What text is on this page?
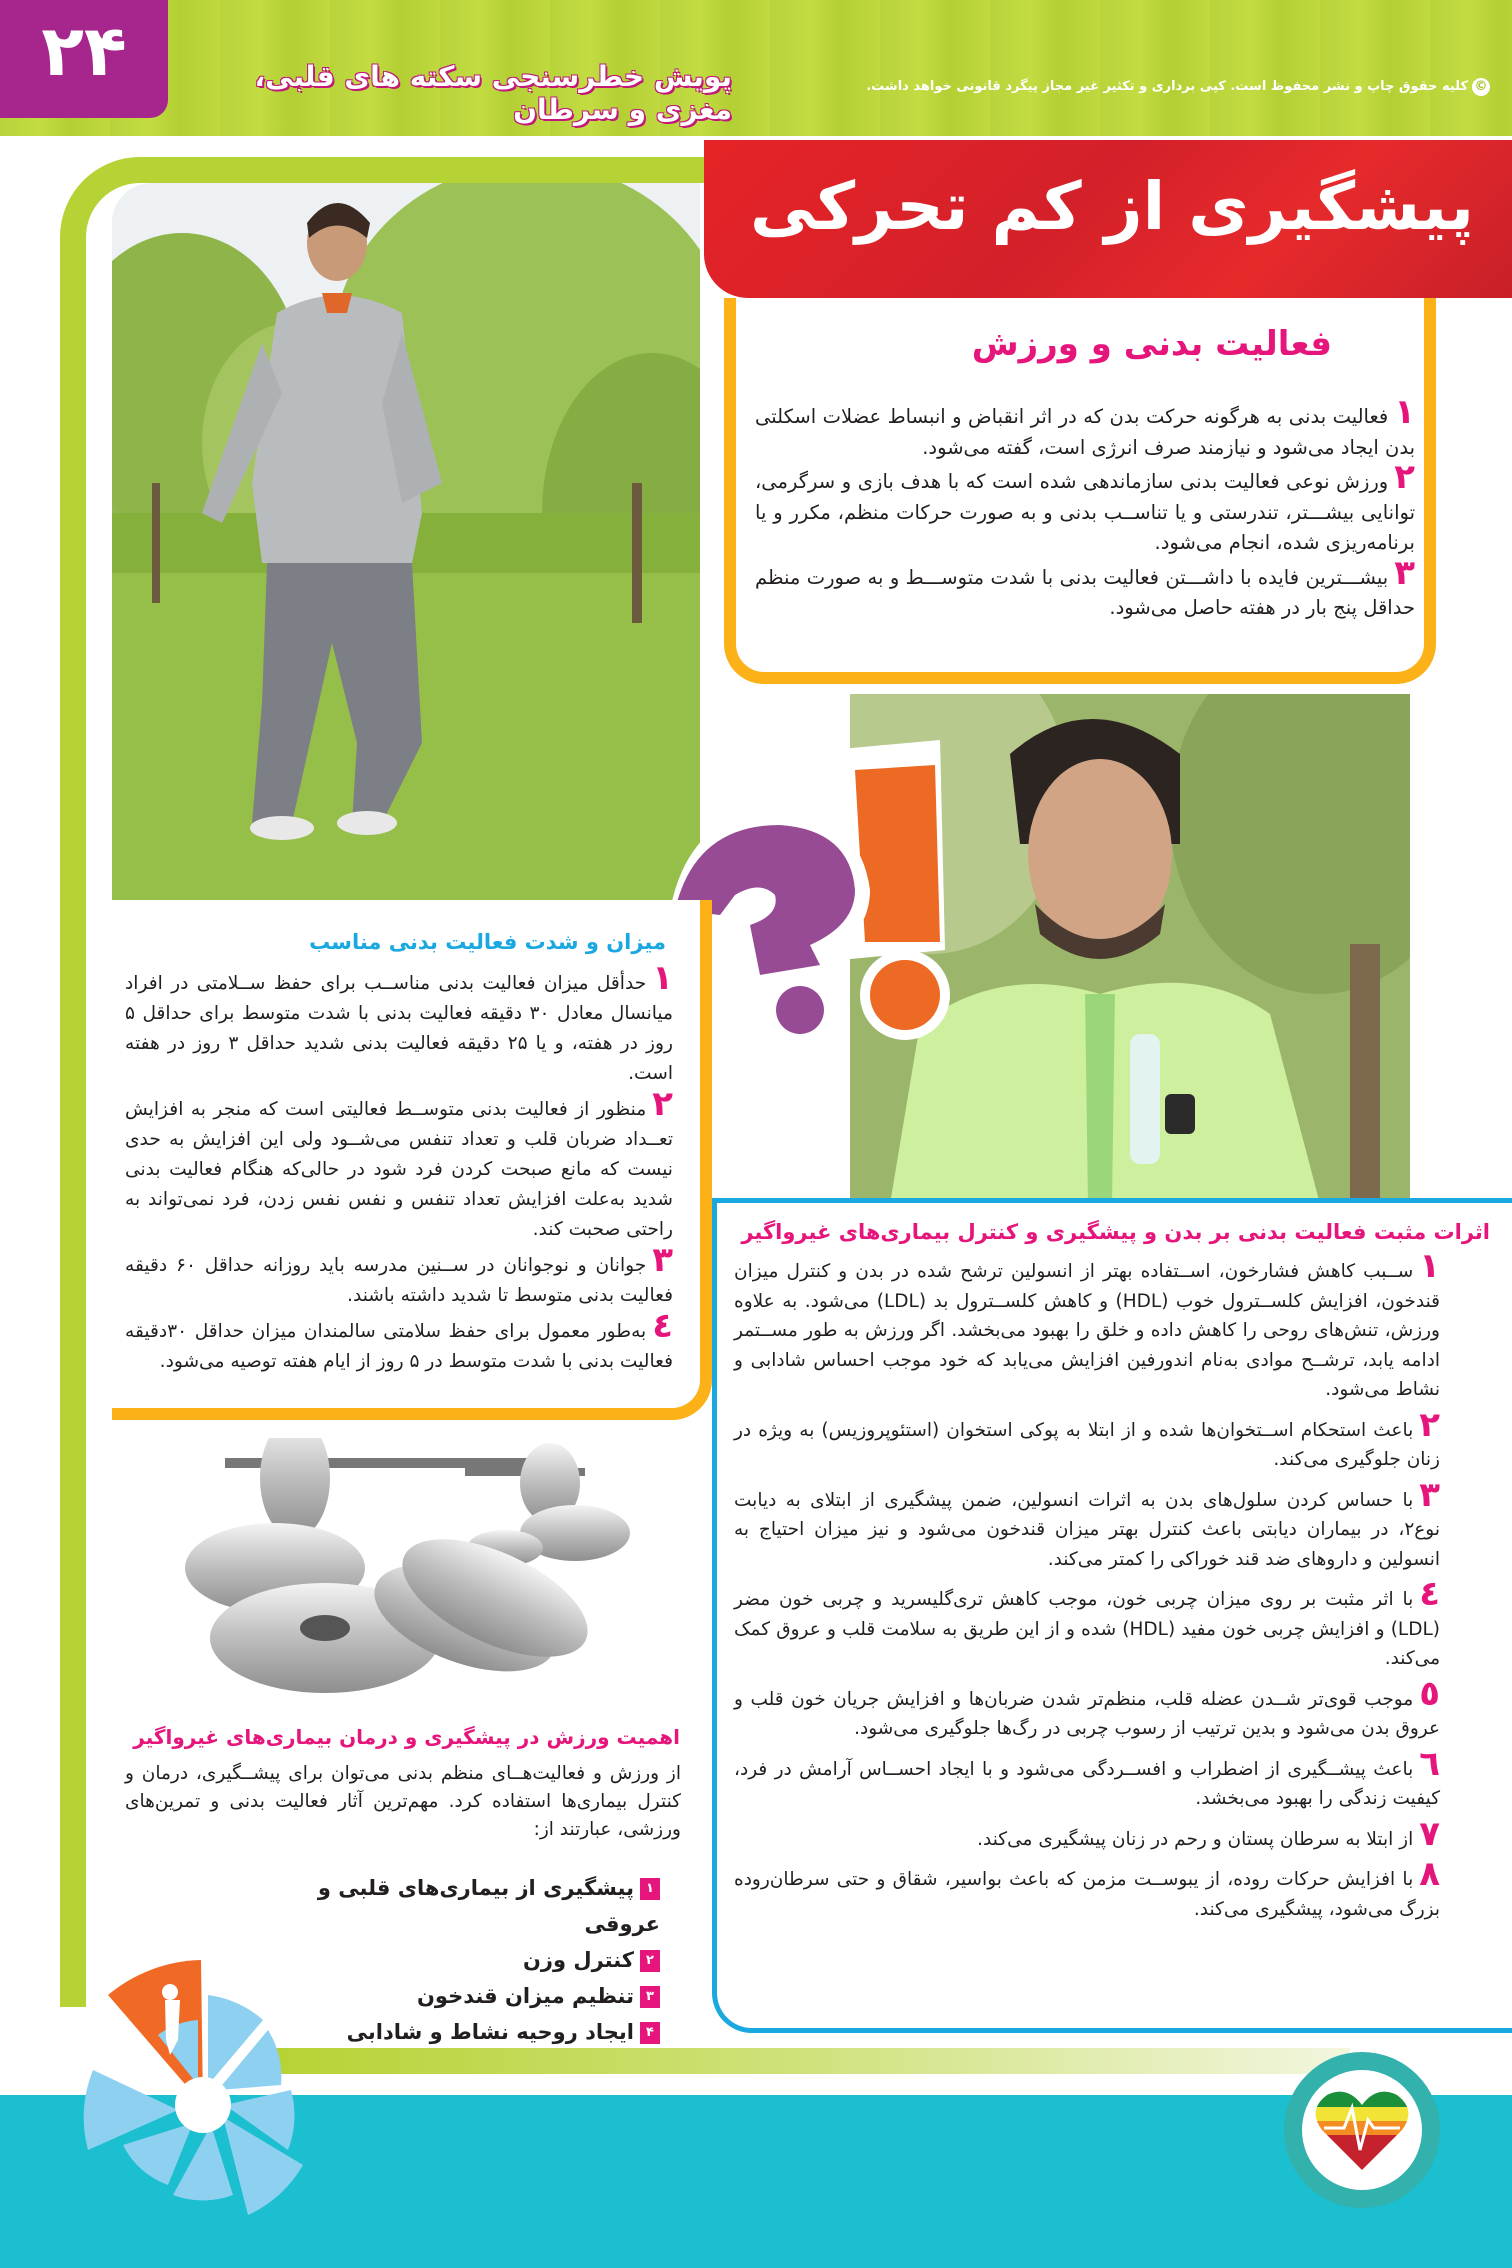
۲۴	پویش خطرسنجی سکته های قلبی، مغزی و سرطان
©کلیه حقوق چاپ و نشر محفوظ است. کپی برداری و تکثیر غیر مجاز پیگرد قانونی خواهد داشت.
پیشگیری از کم تحرکی
فعالیت بدنی و ورزش
۱فعالیت بدنی به هرگونه حرکت بدن که در اثر انقباض و انبساط عضلات اسکلتی بدن ایجاد می‌شود و نیازمند صرف انرژی است، گفته می‌شود.
۲ورزش نوعی فعالیت بدنی سازماندهی شده است که با هدف بازی و سرگرمی، توانایی بیشـــتر، تندرستی و یا تناســب بدنی و به صورت حرکات منظم، مکرر و یا برنامه‌ریزی شده، انجام می‌شود.
۳بیشـــترین فایده با داشـــتن فعالیت بدنی با شدت متوســـط و به صورت منظم حداقل پنج بار در هفته حاصل می‌شود.
میزان و شدت فعالیت بدنی مناسب

۱حدأقل میزان فعالیت بدنی مناســب برای حفظ ســلامتی در افراد میانسال معادل ۳۰ دقیقه فعالیت بدنی با شدت متوسط برای حداقل ۵ روز در هفته، و یا ۲۵ دقیقه فعالیت بدنی شدید حداقل ۳ روز در هفته است.

۲منظور از فعالیت بدنی متوســط فعالیتی است که منجر به افزایش تعــداد ضربان قلب و تعداد تنفس می‌شــود ولی این افزایش به حدی نیست که مانع صبحت کردن فرد شود در حالی‌که هنگام فعالیت بدنی شدید به‌علت افزایش تعداد تنفس و نفس نفس زدن، فرد نمی‌تواند به راحتی صحبت کند.

۳جوانان و نوجوانان در ســنین مدرسه باید روزانه حداقل ۶۰ دقیقه فعالیت بدنی متوسط تا شدید داشته باشند.

٤به‌طور معمول برای حفظ سلامتی سالمندان میزان حداقل ۳۰دقیقه فعالیت بدنی با شدت متوسط در ۵ روز از ایام هفته توصیه می‌شود.

اهمیت ورزش در پیشگیری و درمان بیماری‌های غیرواگیر
از ورزش و فعالیت‌هــای منظم بدنی می‌توان برای پیشــگیری، درمان و کنترل بیماری‌ها استفاده کرد. مهم‌ترین آثار فعالیت بدنی و تمرین‌های ورزشی، عبارتند از:
۱پیشگیری از بیماری‌های قلبی و عروقی
۲کنترل وزن
۳تنظیم میزان قندخون
۴ایجاد روحیه نشاط و شادابی
اثرات مثبت فعالیت بدنی بر بدن و پیشگیری و کنترل بیماری‌های غیرواگیر

۱ســبب کاهش فشارخون، اســتفاده بهتر از انسولین ترشح شده در بدن و کنترل میزان قندخون، افزایش کلســترول خوب (HDL) و کاهش کلســترول بد (LDL) می‌شود. به علاوه ورزش، تنش‌های روحی را کاهش داده و خلق را بهبود می‌بخشد. اگر ورزش به طور مســتمر ادامه یابد، ترشــح موادی به‌نام اندورفین افزایش می‌یابد که خود موجب احساس شادابی و نشاط می‌شود.

۲باعث استحکام اســتخوان‌ها شده و از ابتلا به پوکی استخوان (استئوپروزیس) به ویژه در زنان جلوگیری می‌کند.

۳با حساس کردن سلول‌های بدن به اثرات انسولین، ضمن پیشگیری از ابتلای به دیابت نوع۲، در بیماران دیابتی باعث کنترل بهتر میزان قندخون می‌شود و نیز میزان احتیاج به انسولین و داروهای ضد قند خوراکی را کمتر می‌کند.

٤با اثر مثبت بر روی میزان چربی خون، موجب کاهش تری‌گلیسرید و چربی خون مضر (LDL) و افزایش چربی خون مفید (HDL) شده و از این طریق به سلامت قلب و عروق کمک می‌کند.

٥موجب قوی‌تر شــدن عضله قلب، منظم‌تر شدن ضربان‌ها و افزایش جریان خون قلب و عروق بدن می‌شود و بدین ترتیب از رسوب چربی در رگ‌ها جلوگیری می‌شود.

٦باعث پیشــگیری از اضطراب و افســردگی می‌شود و با ایجاد احســاس آرامش در فرد، کیفیت زندگی را بهبود می‌بخشد.

۷از ابتلا به سرطان پستان و رحم در زنان پیشگیری می‌کند.

۸با افزایش حرکات روده، از یبوســت مزمن که باعث بواسیر، شقاق و حتی سرطان‌روده بزرگ می‌شود، پیشگیری می‌کند.
